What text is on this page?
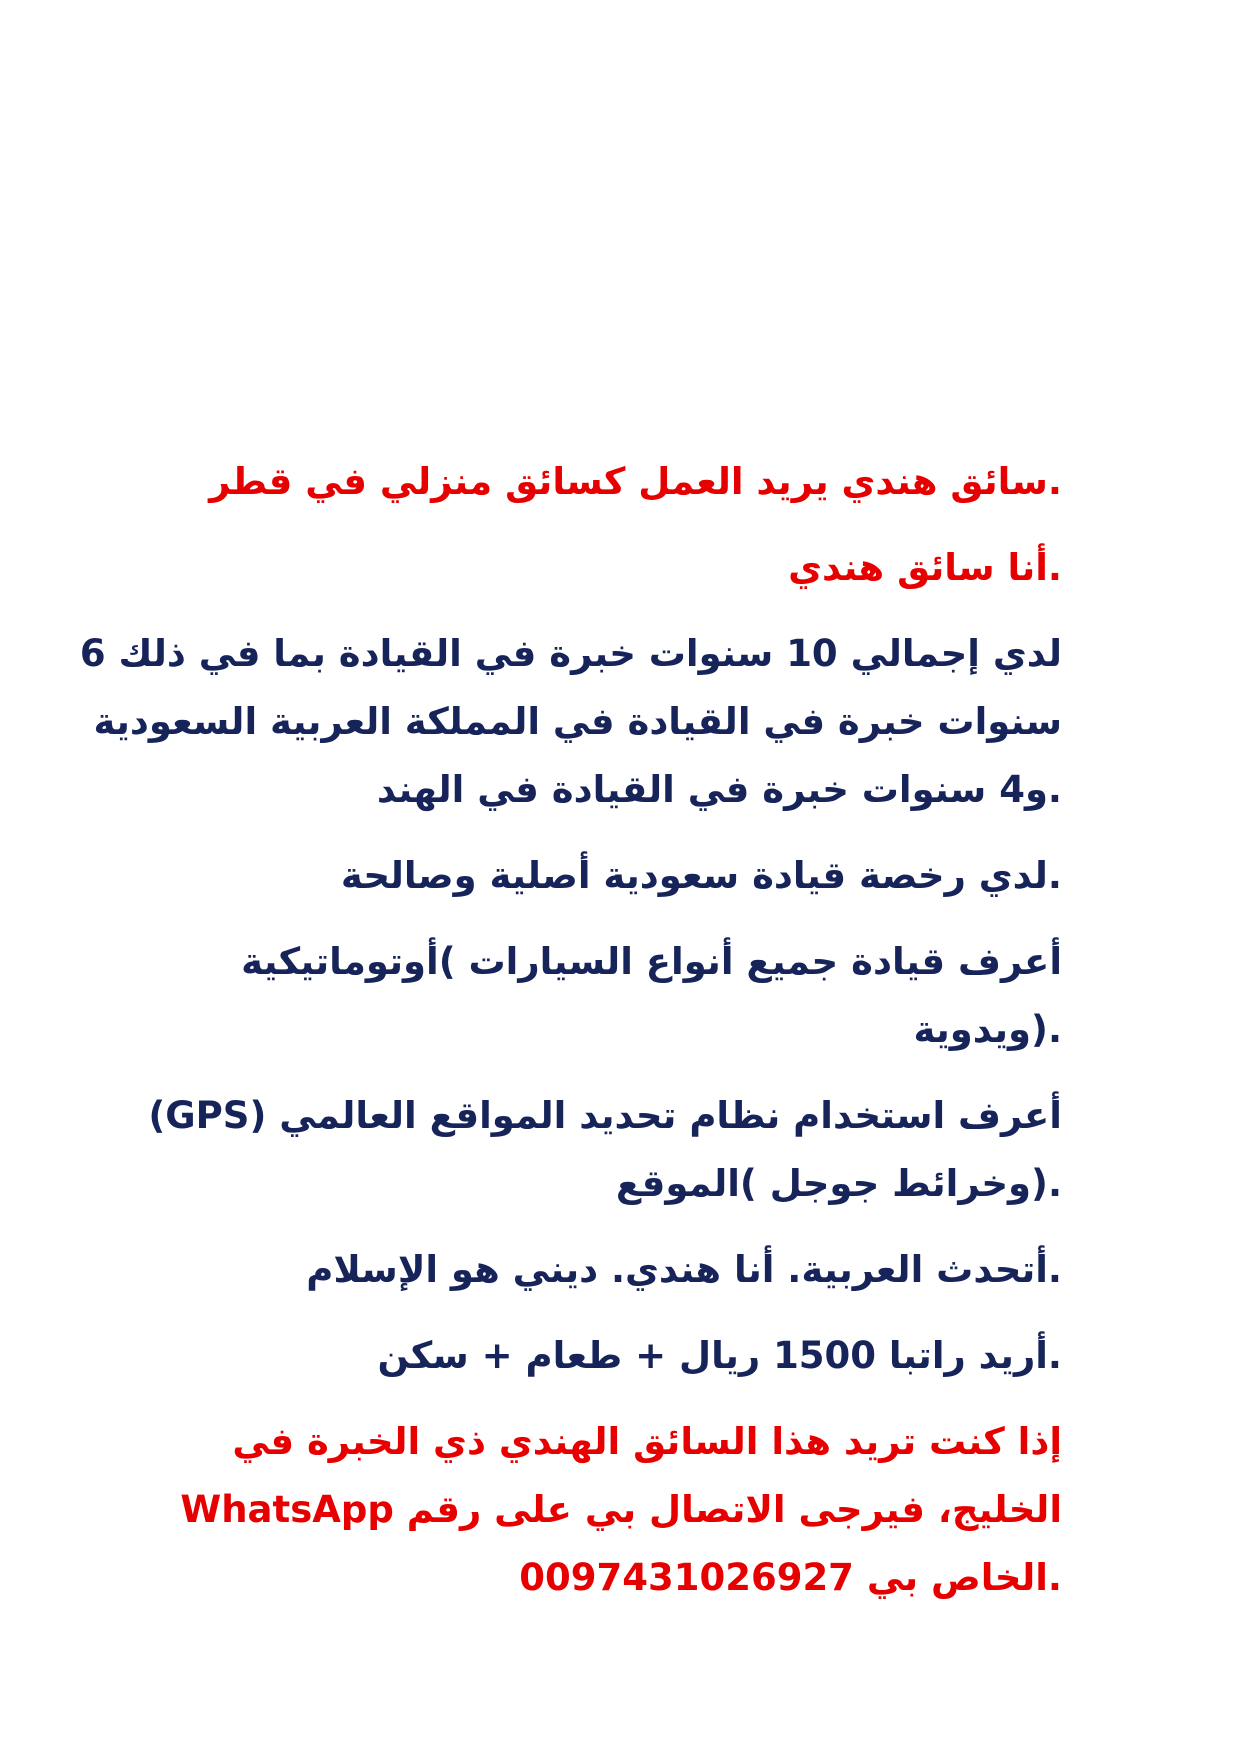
.سائق هندي يريد العمل كسائق منزلي في قطر

.أنا سائق هندي

لدي إجمالي 10 سنوات خبرة في القيادة بما في ذلك 6
سنوات خبرة في القيادة في المملكة العربية السعودية
.و4 سنوات خبرة في القيادة في الهند

.لدي رخصة قيادة سعودية أصلية وصالحة

أعرف قيادة جميع أنواع السيارات )أوتوماتيكية
.(ويدوية

أعرف استخدام نظام تحديد المواقع العالمي (GPS)
.(وخرائط جوجل )الموقع

.أتحدث العربية. أنا هندي. ديني هو الإسلام

.أريد راتبا 1500 ريال + طعام + سكن

إذا كنت تريد هذا السائق الهندي ذي الخبرة في
الخليج، فيرجى الاتصال بي على رقم WhatsApp
.الخاص بي 0097431026927
